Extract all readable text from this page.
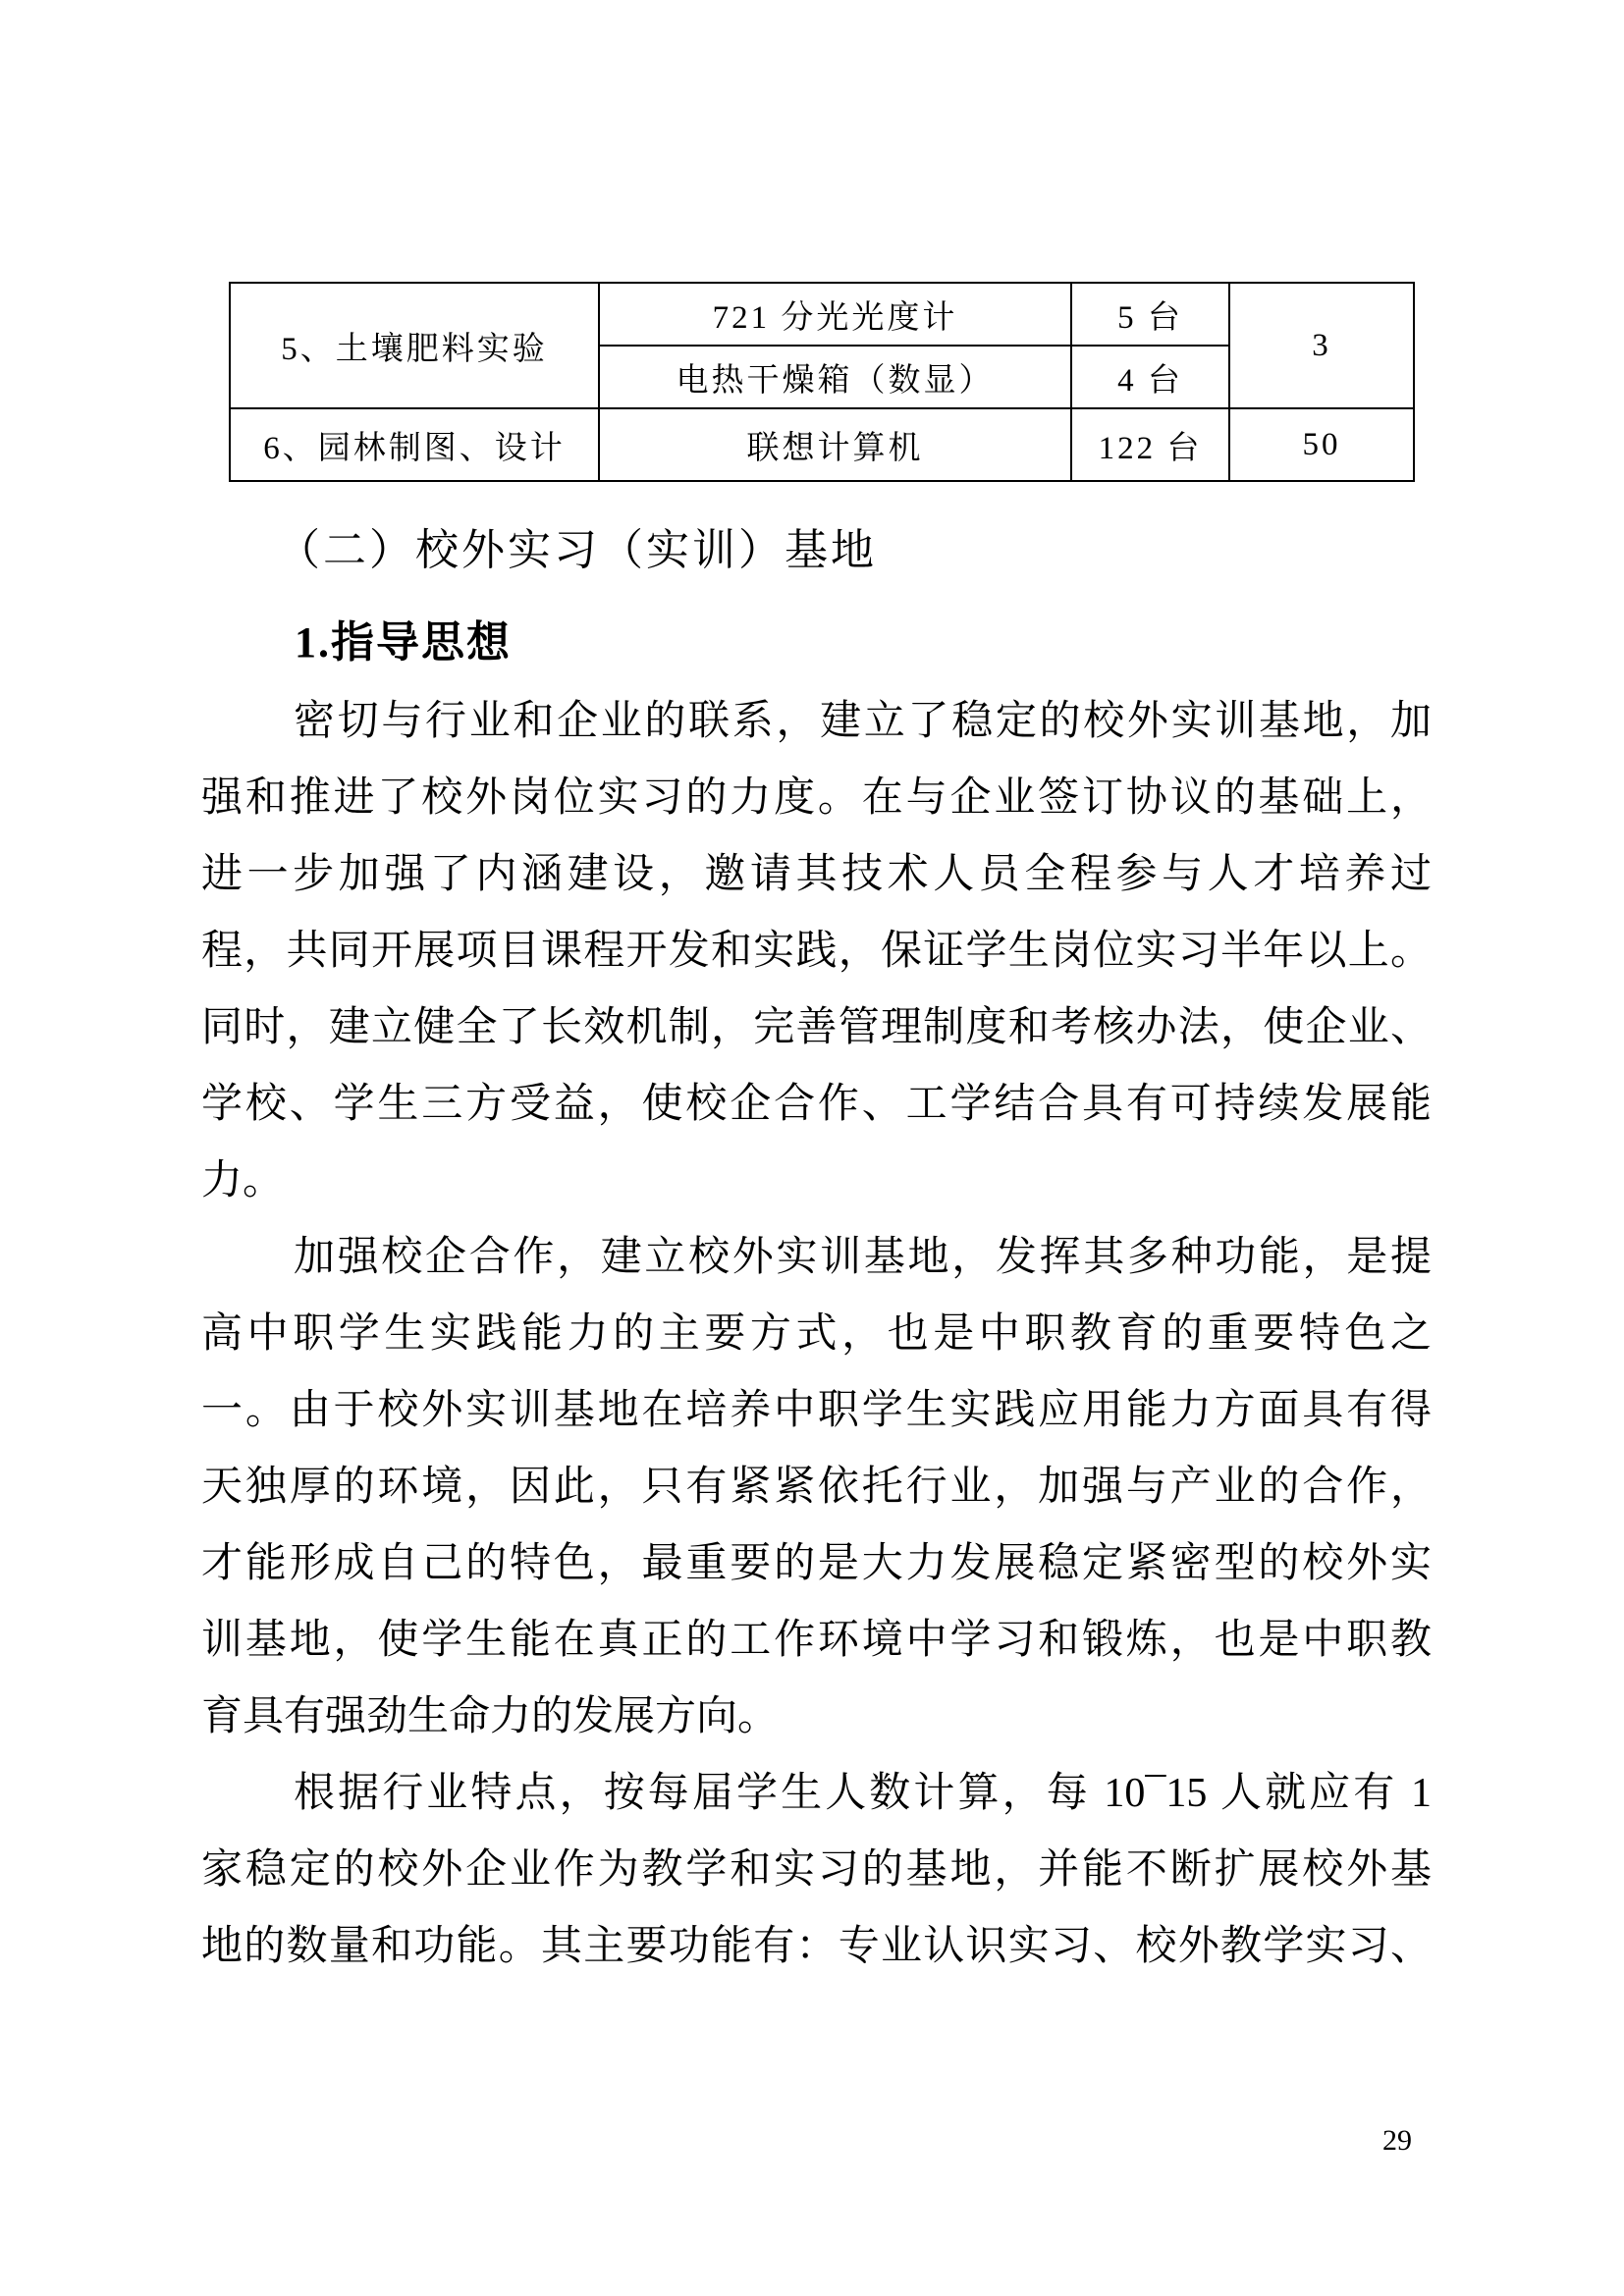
5、土壤肥料实验	721 分光光度计	5 台	3
	电热干燥箱（数显）	4 台	
6、园林制图、设计	联想计算机	122 台	50
（二）校外实习（实训）基地
1.指导思想
密切与行业和企业的联系，建立了稳定的校外实训基地，加
强和推进了校外岗位实习的力度。在与企业签订协议的基础上，
进一步加强了内涵建设，邀请其技术人员全程参与人才培养过
程，共同开展项目课程开发和实践，保证学生岗位实习半年以上。
同时，建立健全了长效机制，完善管理制度和考核办法，使企业、
学校、学生三方受益，使校企合作、工学结合具有可持续发展能
力。
加强校企合作，建立校外实训基地，发挥其多种功能，是提
高中职学生实践能力的主要方式，也是中职教育的重要特色之
一。由于校外实训基地在培养中职学生实践应用能力方面具有得
天独厚的环境，因此，只有紧紧依托行业，加强与产业的合作，
才能形成自己的特色，最重要的是大力发展稳定紧密型的校外实
训基地，使学生能在真正的工作环境中学习和锻炼，也是中职教
育具有强劲生命力的发展方向。
根据行业特点，按每届学生人数计算，每 10¯15 人就应有 1
家稳定的校外企业作为教学和实习的基地，并能不断扩展校外基
地的数量和功能。其主要功能有：专业认识实习、校外教学实习、
29
